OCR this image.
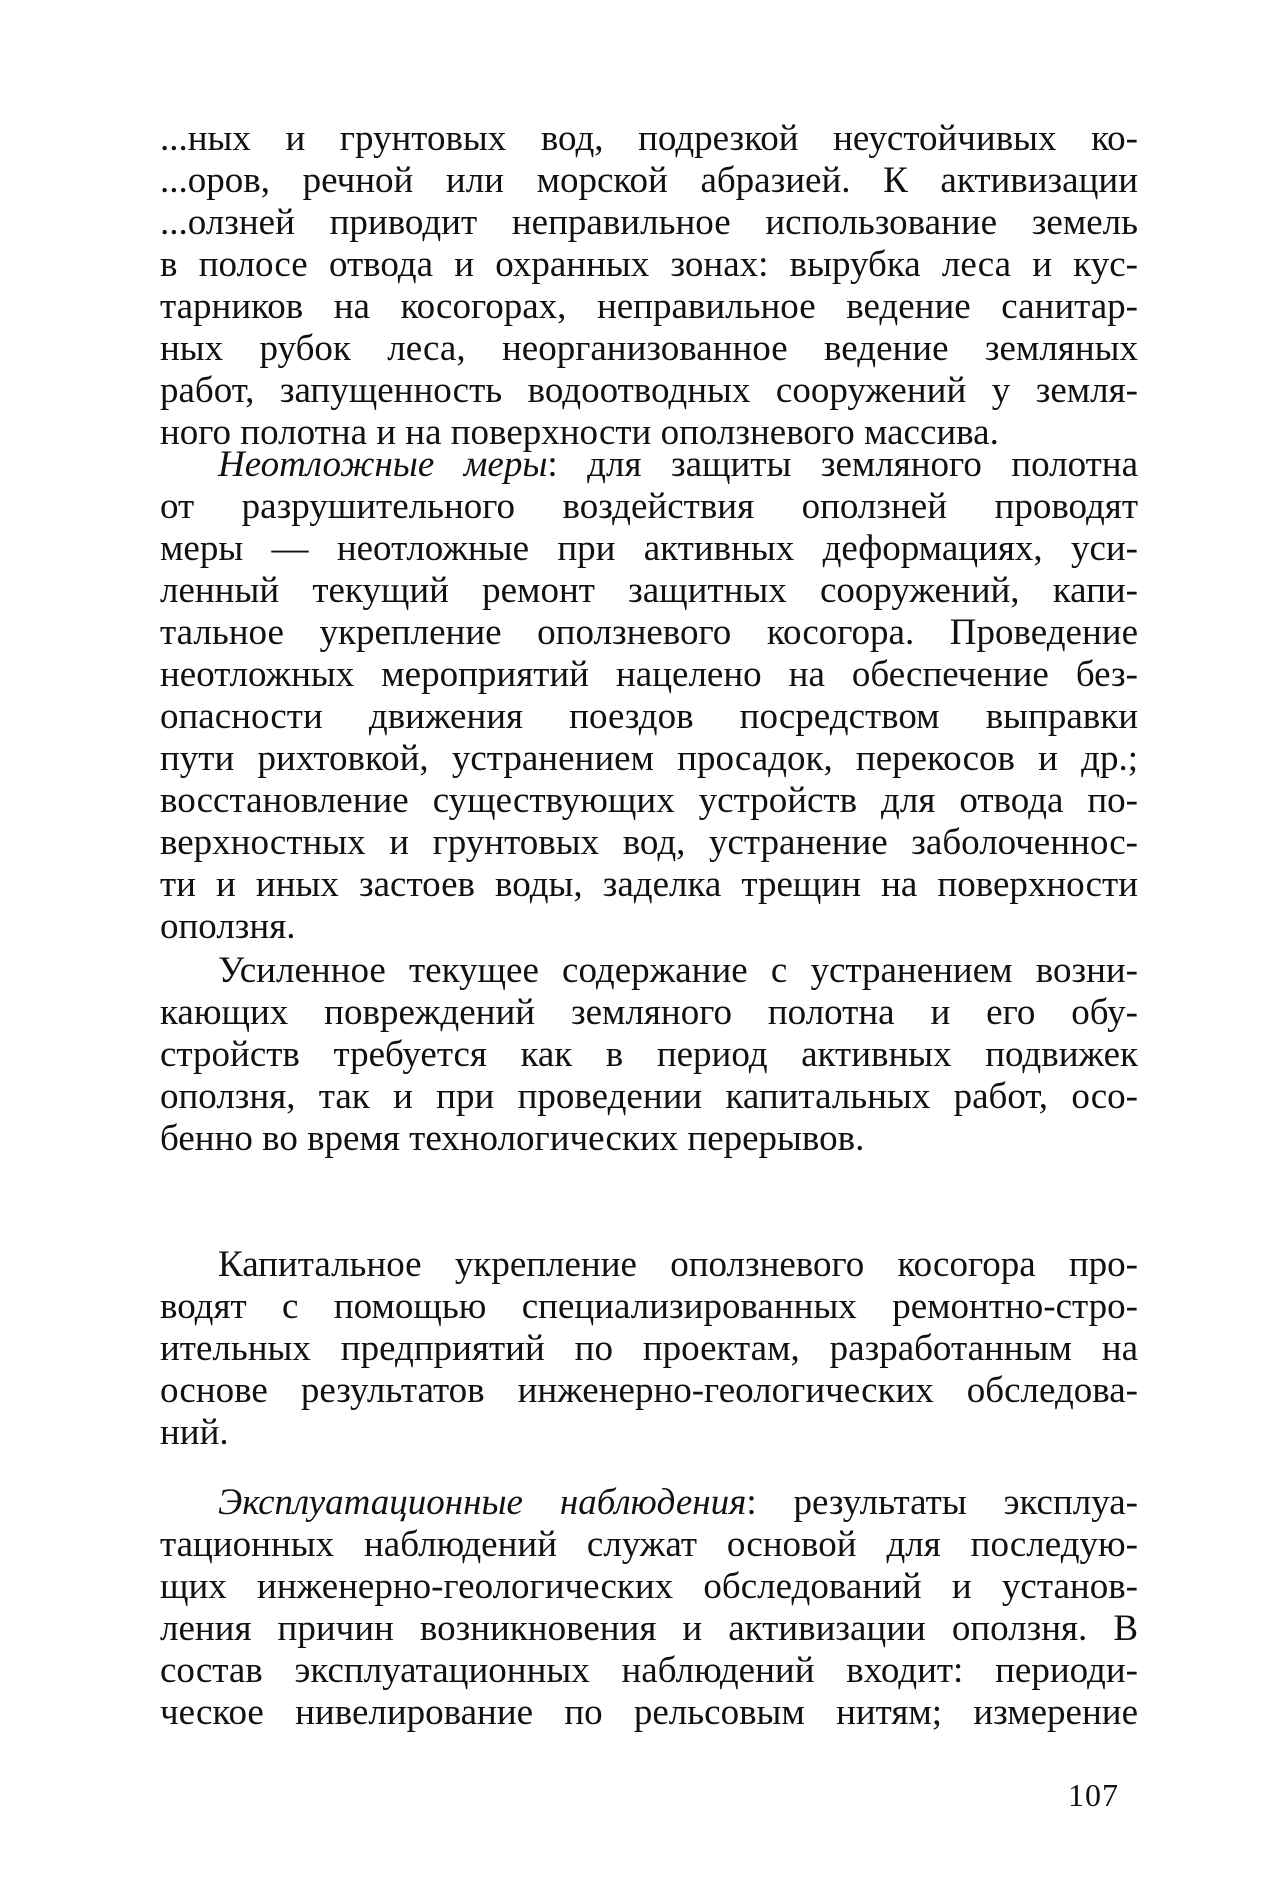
...ных и грунтовых вод, подрезкой неустойчивых ко-
...оров, речной или морской абразией. К активизации
...олзней приводит неправильное использование земель
в полосе отвода и охранных зонах: вырубка леса и кус-
тарников на косогорах, неправильное ведение санитар-
ных рубок леса, неорганизованное ведение земляных
работ, запущенность водоотводных сооружений у земля-
ного полотна и на поверхности оползневого массива.
Неотложные меры: для защиты земляного полотна
от разрушительного воздействия оползней проводят
меры — неотложные при активных деформациях, уси-
ленный текущий ремонт защитных сооружений, капи-
тальное укрепление оползневого косогора. Проведение
неотложных мероприятий нацелено на обеспечение без-
опасности движения поездов посредством выправки
пути рихтовкой, устранением просадок, перекосов и др.;
восстановление существующих устройств для отвода по-
верхностных и грунтовых вод, устранение заболоченнос-
ти и иных застоев воды, заделка трещин на поверхности
оползня.
Усиленное текущее содержание с устранением возни-
кающих повреждений земляного полотна и его обу-
стройств требуется как в период активных подвижек
оползня, так и при проведении капитальных работ, осо-
бенно во время технологических перерывов.
Капитальное укрепление оползневого косогора про-
водят с помощью специализированных ремонтно-стро-
ительных предприятий по проектам, разработанным на
основе результатов инженерно-геологических обследова-
ний.
Эксплуатационные наблюдения: результаты эксплуа-
тационных наблюдений служат основой для последую-
щих инженерно-геологических обследований и установ-
ления причин возникновения и активизации оползня. В
состав эксплуатационных наблюдений входит: периоди-
ческое нивелирование по рельсовым нитям; измерение
107
